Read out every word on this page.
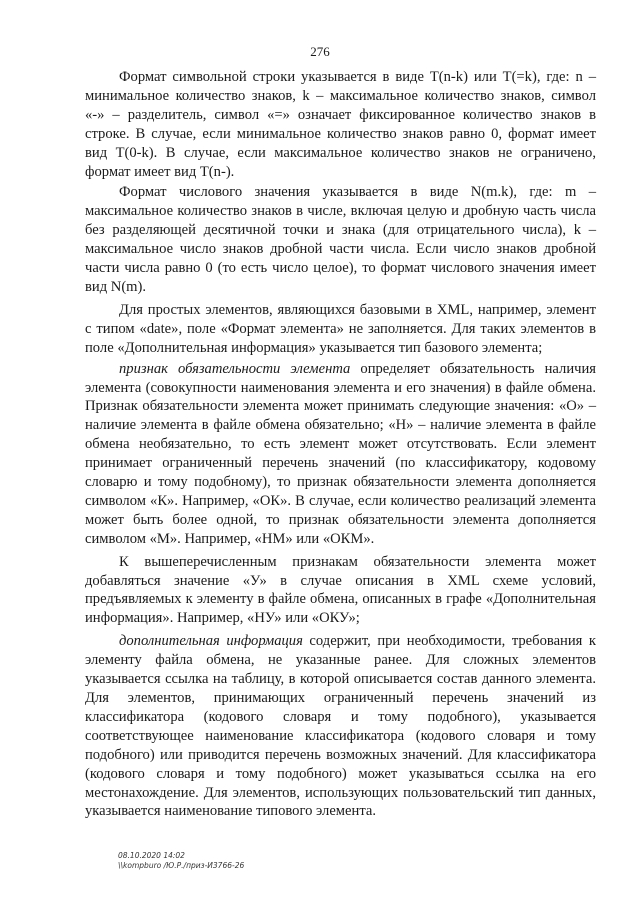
276

Формат символьной строки указывается в виде T(n-k) или T(=k), где: n – минимальное количество знаков, k – максимальное количество знаков, символ «-» – разделитель, символ «=» означает фиксированное количество знаков в строке. В случае, если минимальное количество знаков равно 0, формат имеет вид T(0-k). В случае, если максимальное количество знаков не ограничено, формат имеет вид T(n-).

Формат числового значения указывается в виде N(m.k), где: m – максимальное количество знаков в числе, включая целую и дробную часть числа без разделяющей десятичной точки и знака (для отрицательного числа), k – максимальное число знаков дробной части числа. Если число знаков дробной части числа равно 0 (то есть число целое), то формат числового значения имеет вид N(m).

Для простых элементов, являющихся базовыми в XML, например, элемент с типом «date», поле «Формат элемента» не заполняется. Для таких элементов в поле «Дополнительная информация» указывается тип базового элемента;

признак обязательности элемента определяет обязательность наличия элемента (совокупности наименования элемента и его значения) в файле обмена. Признак обязательности элемента может принимать следующие значения: «О» – наличие элемента в файле обмена обязательно; «Н» – наличие элемента в файле обмена необязательно, то есть элемент может отсутствовать. Если элемент принимает ограниченный перечень значений (по классификатору, кодовому словарю и тому подобному), то признак обязательности элемента дополняется символом «К». Например, «ОК». В случае, если количество реализаций элемента может быть более одной, то признак обязательности элемента дополняется символом «М». Например, «НМ» или «ОКМ».

К вышеперечисленным признакам обязательности элемента может добавляться значение «У» в случае описания в XML схеме условий, предъявляемых к элементу в файле обмена, описанных в графе «Дополнительная информация». Например, «НУ» или «ОКУ»;

дополнительная информация содержит, при необходимости, требования к элементу файла обмена, не указанные ранее. Для сложных элементов указывается ссылка на таблицу, в которой описывается состав данного элемента. Для элементов, принимающих ограниченный перечень значений из классификатора (кодового словаря и тому подобного), указывается соответствующее наименование классификатора (кодового словаря и тому подобного) или приводится перечень возможных значений. Для классификатора (кодового словаря и тому подобного) может указываться ссылка на его местонахождение. Для элементов, использующих пользовательский тип данных, указывается наименование типового элемента.

08.10.2020 14:02
\\kompburo /Ю.Р./приз-И3766-26
